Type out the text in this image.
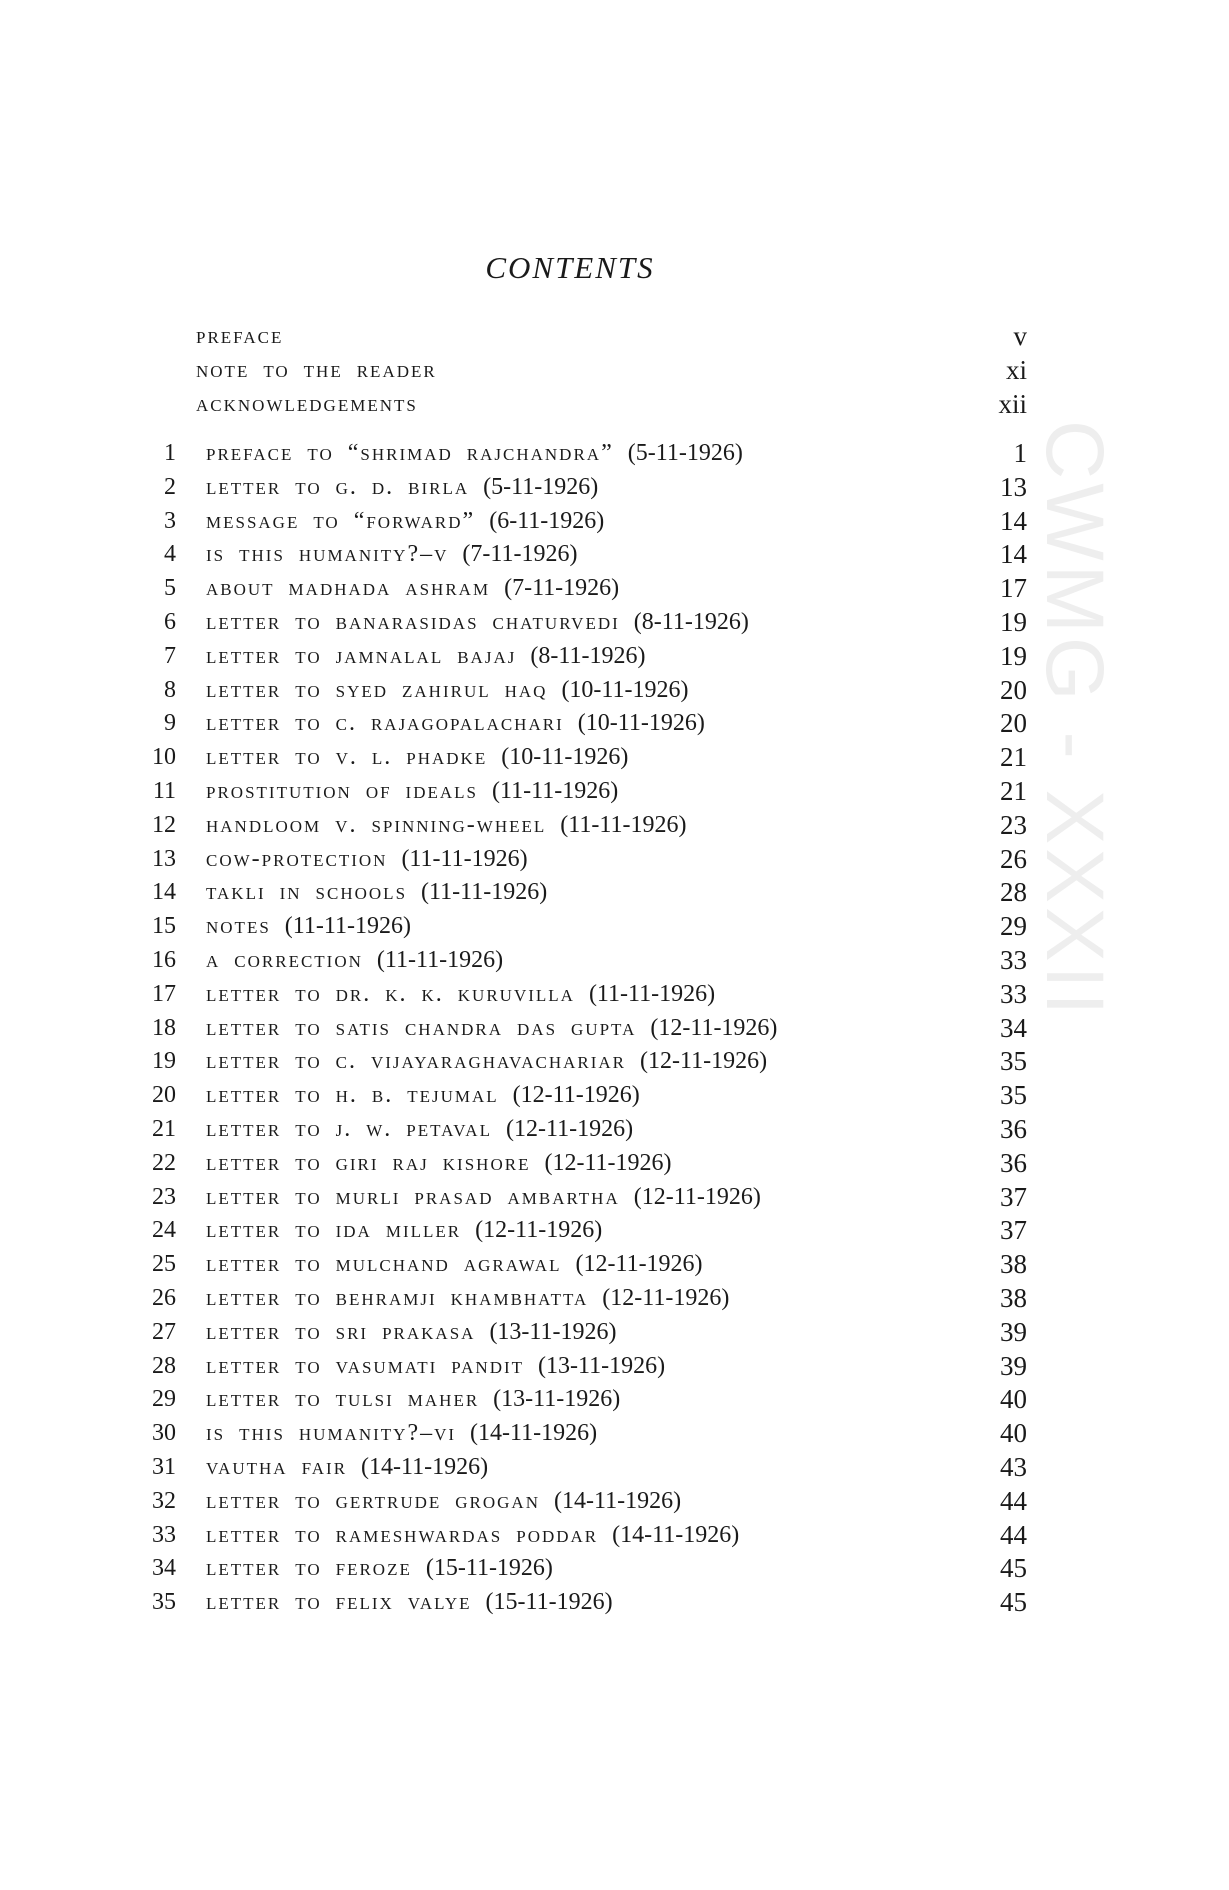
CWMG - XXXII
CONTENTS
preface	v
note to the reader	xi
acknowledgements	xii
1 preface to “shrimad rajchandra” (5-11-1926)	1
2 letter to g. d. birla (5-11-1926)	13
3 message to “forward” (6-11-1926)	14
4 is this humanity?–v (7-11-1926)	14
5 about madhada ashram (7-11-1926)	17
6 letter to banarasidas chaturvedi (8-11-1926)	19
7 letter to jamnalal bajaj (8-11-1926)	19
8 letter to syed zahirul haq (10-11-1926)	20
9 letter to c. rajagopalachari (10-11-1926)	20
10 letter to v. l. phadke (10-11-1926)	21
11 prostitution of ideals (11-11-1926)	21
12 handloom v. spinning-wheel (11-11-1926)	23
13 cow-protection (11-11-1926)	26
14 takli in schools (11-11-1926)	28
15 notes (11-11-1926)	29
16 a correction (11-11-1926)	33
17 letter to dr. k. k. kuruvilla (11-11-1926)	33
18 letter to satis chandra das gupta (12-11-1926)	34
19 letter to c. vijayaraghavachariar (12-11-1926)	35
20 letter to h. b. tejumal (12-11-1926)	35
21 letter to j. w. petaval (12-11-1926)	36
22 letter to giri raj kishore (12-11-1926)	36
23 letter to murli prasad ambartha (12-11-1926)	37
24 letter to ida miller (12-11-1926)	37
25 letter to mulchand agrawal (12-11-1926)	38
26 letter to behramji khambhatta (12-11-1926)	38
27 letter to sri prakasa (13-11-1926)	39
28 letter to vasumati pandit (13-11-1926)	39
29 letter to tulsi maher (13-11-1926)	40
30 is this humanity?–vi (14-11-1926)	40
31 vautha fair (14-11-1926)	43
32 letter to gertrude grogan (14-11-1926)	44
33 letter to rameshwardas poddar (14-11-1926)	44
34 letter to feroze (15-11-1926)	45
35 letter to felix valye (15-11-1926)	45
